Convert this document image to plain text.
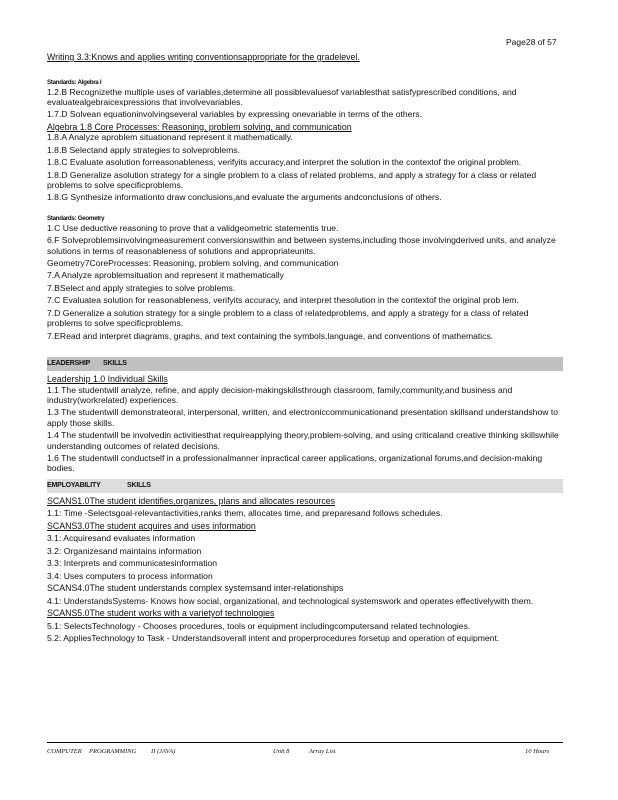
Page28 of 57

Writing 3.3:Knows and applies writing conventionsappropriate for the gradelevel.

Standards: Algebra I

1.2.B Recognizethe multiple uses of variables,determine all possiblevaluesof variablesthat satisfyprescribed conditions, and evaluatealgebraicexpressions that involvevariables.

1.7.D Solvean equationinvolvingseveral variables by expressing onevariable in terms of the others.

Algebra 1.8 Core Processes: Reasoning, problem solving, and communication

1.8.A Analyze aproblem situationand represent it mathematically.

1.8.B Selectand apply strategies to solveproblems.

1.8.C Evaluate asolution forreasonableness, verifyits accuracy,and interpret the solution in the contextof the original problem.

1.8.D Generalize asolution strategy for a single problem to a class of related problems, and apply a strategy for a class or related problems to solve specificproblems.

1.8.G Synthesize informationto draw conclusions,and evaluate the arguments andconclusions of others.

Standards: Geometry

1.C Use deductive reasoning to prove that a validgeometric statementis true.

6.F Solveproblemsinvolvingmeasurement conversionswithin and between systems,including those involvingderived units, and analyze solutions in terms of reasonableness of solutions and appropriateunits.

Geometry7CoreProcesses: Reasoning, problem solving, and communication

7.A Analyze aproblemsituation and represent it mathematically

7.BSelect and apply strategies to solve problems.

7.C Evaluatea solution for reasonableness, verifyits accuracy, and interpret thesolution in the contextof the original prob lem.

7.D Generalize a solution strategy for a single problem to a class of relatedproblems, and apply a strategy for a class of related problems to solve specificproblems.

7.ERead and interpret diagrams, graphs, and text containing the symbols,language, and conventions of mathematics.

LEADERSHIP	SKILLS

Leadership 1.0 Individual Skills

1.1 The studentwill analyze, refine, and apply decision-makingskillsthrough classroom, family,community,and business and industry(workrelated) experiences.

1.3 The studentwill demonstrateoral, interpersonal, written, and electroniccommunicationand presentation skillsand understandshow to apply those skills.

1.4 The studentwill be involvedin activitiesthat requireapplying theory,problem-solving, and using criticaland creative thinking skillswhile understanding outcomes of related decisions.

1.6 The studentwill conductself in a professionalmanner inpractical career applications, organizational forums,and decision-making bodies.

EMPLOYABILITY	SKILLS

SCANS1.0The student identifies,organizes, plans and allocates resources

1.1: Time -Selectsgoal-relevantactivities,ranks them, allocates time, and preparesand follows schedules.

SCANS3.0The student acquires and uses information

3.1: Acquiresand evaluates information

3.2: Organizesand maintains information

3.3: Interprets and communicatesinformation

3.4: Uses computers to process information

SCANS4.0The student understands complex systemsand inter-relationships

4.1: UnderstandsSystems- Knows how social, organizational, and technological systemswork and operates effectivelywith them.

SCANS5.0The student works with a varietyof technologies

5.1: SelectsTechnology - Chooses procedures, tools or equipment includingcomputersand related technologies.

5.2: AppliesTechnology to Task - Understandsoverall intent and properprocedures forsetup and operation of equipment.

COMPUTER PROGRAMMING II (JAVA)	Unit 8	Array List	10 Hours
